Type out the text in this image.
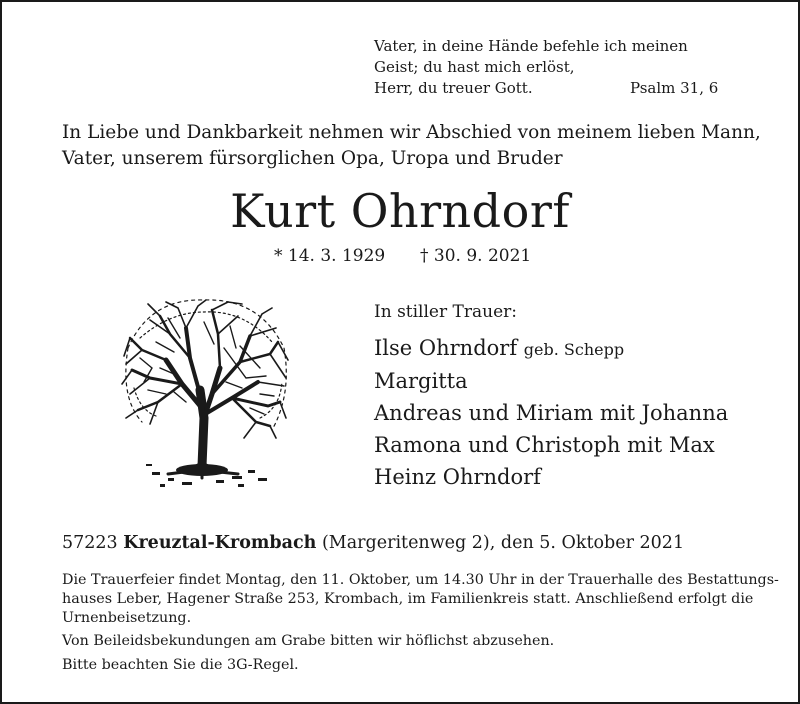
Vater, in deine Hände befehle ich meinen
Geist; du hast mich erlöst,
Herr, du treuer Gott.	Psalm 31, 6
In Liebe und Dankbarkeit nehmen wir Abschied von meinem lieben Mann,
Vater, unserem fürsorglichen Opa, Uropa und Bruder
Kurt Ohrndorf
* 14. 3. 1929 † 30. 9. 2021
In stiller Trauer:
Ilse Ohrndorf geb. Schepp
Margitta
Andreas und Miriam mit Johanna
Ramona und Christoph mit Max
Heinz Ohrndorf
57223 Kreuztal-Krombach (Margeritenweg 2), den 5. Oktober 2021
Die Trauerfeier findet Montag, den 11. Oktober, um 14.30 Uhr in der Trauerhalle des Bestattungs-
hauses Leber, Hagener Straße 253, Krombach, im Familienkreis statt. Anschließend erfolgt die
Urnenbeisetzung.
Von Beileidsbekundungen am Grabe bitten wir höflichst abzusehen.
Bitte beachten Sie die 3G-Regel.
